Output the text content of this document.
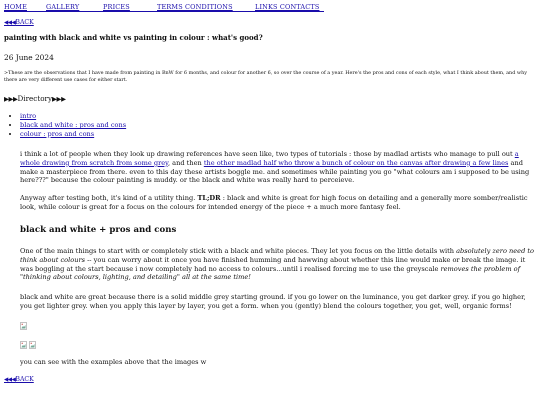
HOME	GALLERY	PRICES	TERMS CONDITIONS	LINKS CONTACTS
◀◀◀BACK
painting with black and white vs painting in colour : what's good?
26 June 2024
>These are the observations that I have made from painting in BnW for 6 months, and colour for another 6, so over the course of a year. Here's the pros and cons of each style, what I think about them, and why there are very different use cases for either start.
▶▶▶Directory▶▶▶
• intro
• black and white : pros and cons
• colour : pros and cons
i think a lot of people when they look up drawing references have seen like, two types of tutorials : those by madlad artists who manage to pull out a whole drawing from scratch from some grey, and then the other madlad half who throw a bunch of colour on the canvas after drawing a few lines and make a masterpiece from there. even to this day these artists boggle me. and sometimes while painting you go "what colours am i supposed to be using here???" because the colour painting is muddy. or the black and white was really hard to perceieve.
Anyway after testing both, it's kind of a utility thing. TL;DR : black and white is great for high focus on detailing and a generally more somber/realistic look, while colour is great for a focus on the colours for intended energy of the piece + a much more fantasy feel.
black and white + pros and cons
One of the main things to start with or completely stick with a black and white pieces. They let you focus on the little details with absolutely zero need to think about colours -- you can worry about it once you have finished humming and hawwing about whether this line would make or break the image. it was boggling at the start because i now completely had no access to colours...until i realised forcing me to use the greyscale removes the problem of "thinking about colours, lighting, and detailing" all at the same time!
black and white are great because there is a solid middle grey starting ground. if you go lower on the luminance, you get darker grey. if you go higher, you get lighter grey. when you apply this layer by layer, you get a form. when you (gently) blend the colours together, you get, well, organic forms!
you can see with the examples above that the images w
◀◀◀BACK
